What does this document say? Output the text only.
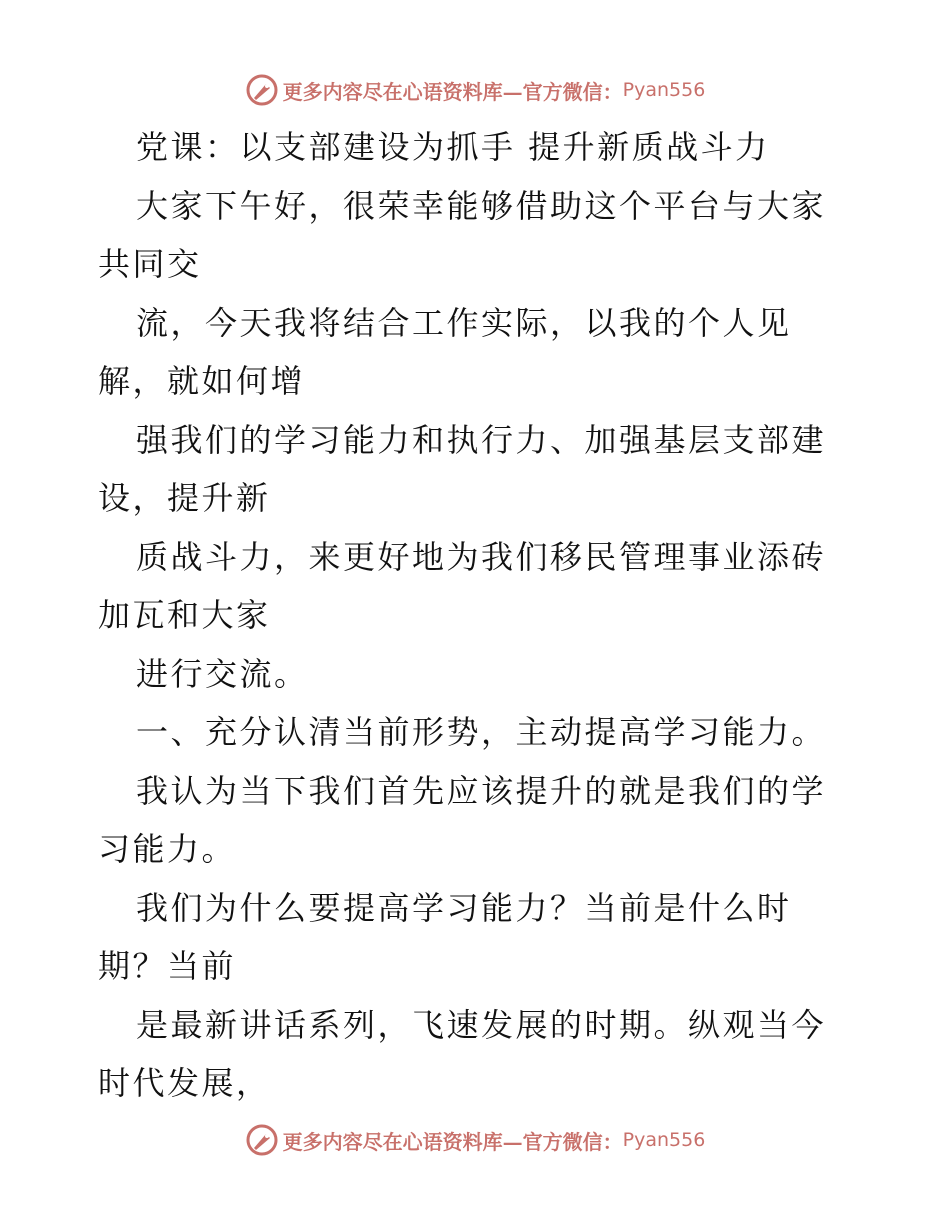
更多内容尽在心语资料库—官方微信： Pyan556

党课：以支部建设为抓手 提升新质战斗力

大家下午好，很荣幸能够借助这个平台与大家共同交

流，今天我将结合工作实际，以我的个人见解，就如何增

强我们的学习能力和执行力、加强基层支部建设，提升新

质战斗力，来更好地为我们移民管理事业添砖加瓦和大家

进行交流。

一、充分认清当前形势，主动提高学习能力。

我认为当下我们首先应该提升的就是我们的学习能力。

我们为什么要提高学习能力？当前是什么时期？当前

是最新讲话系列，飞速发展的时期。纵观当今时代发展，

更多内容尽在心语资料库—官方微信： Pyan556
